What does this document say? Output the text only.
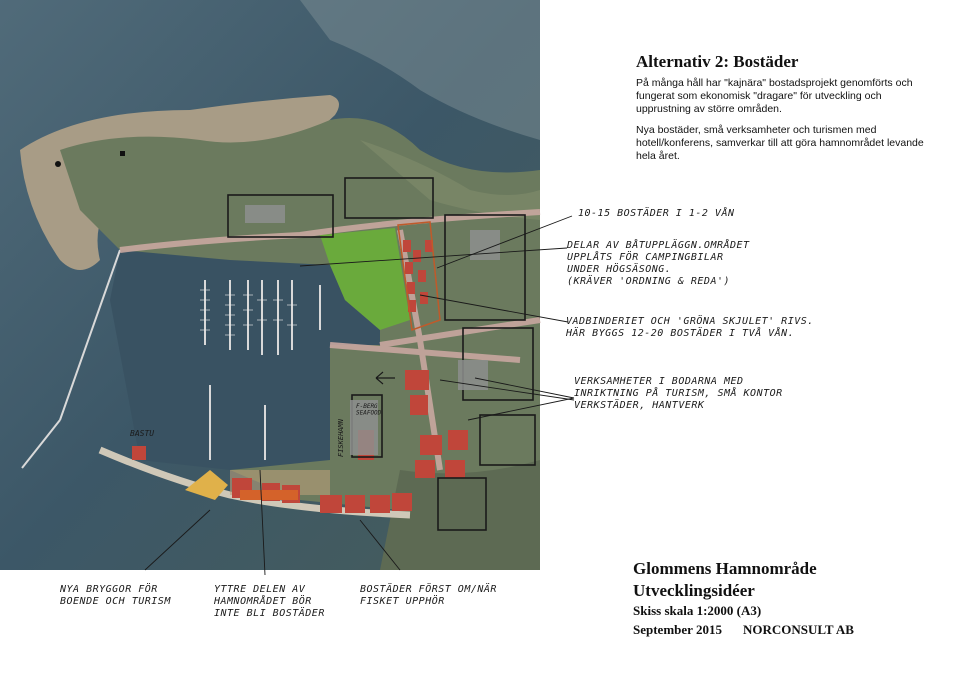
BASTU
F-BERG SEAFOOD
FISKEHAMN
Alternativ 2: Bostäder
På många håll har "kajnära" bostadsprojekt genomförts och fungerat som ekonomisk "dragare" för utveckling och upprustning av större områden.
Nya bostäder, små verksamheter och turismen med hotell/konferens, samverkar till att göra hamnområdet levande hela året.
10-15 BOSTÄDER I 1-2 VÅN
DELAR AV BÅTUPPLÄGGN.OMRÅDET
UPPLÅTS FÖR CAMPINGBILAR
UNDER HÖGSÄSONG.
(KRÄVER 'ORDNING & REDA')
VADBINDERIET OCH 'GRÖNA SKJULET' RIVS.
HÄR BYGGS 12-20 BOSTÄDER I TVÅ VÅN.
VERKSAMHETER I BODARNA MED
INRIKTNING PÅ TURISM, SMÅ KONTOR
VERKSTÄDER, HANTVERK
NYA BRYGGOR FÖR
BOENDE OCH TURISM
YTTRE DELEN AV
HAMNOMRÅDET BÖR
INTE BLI BOSTÄDER
BOSTÄDER FÖRST OM/NÄR
FISKET UPPHÖR
Glommens Hamnområde
Utvecklingsidéer
Skiss skala 1:2000 (A3)
September 2015 NORCONSULT AB
